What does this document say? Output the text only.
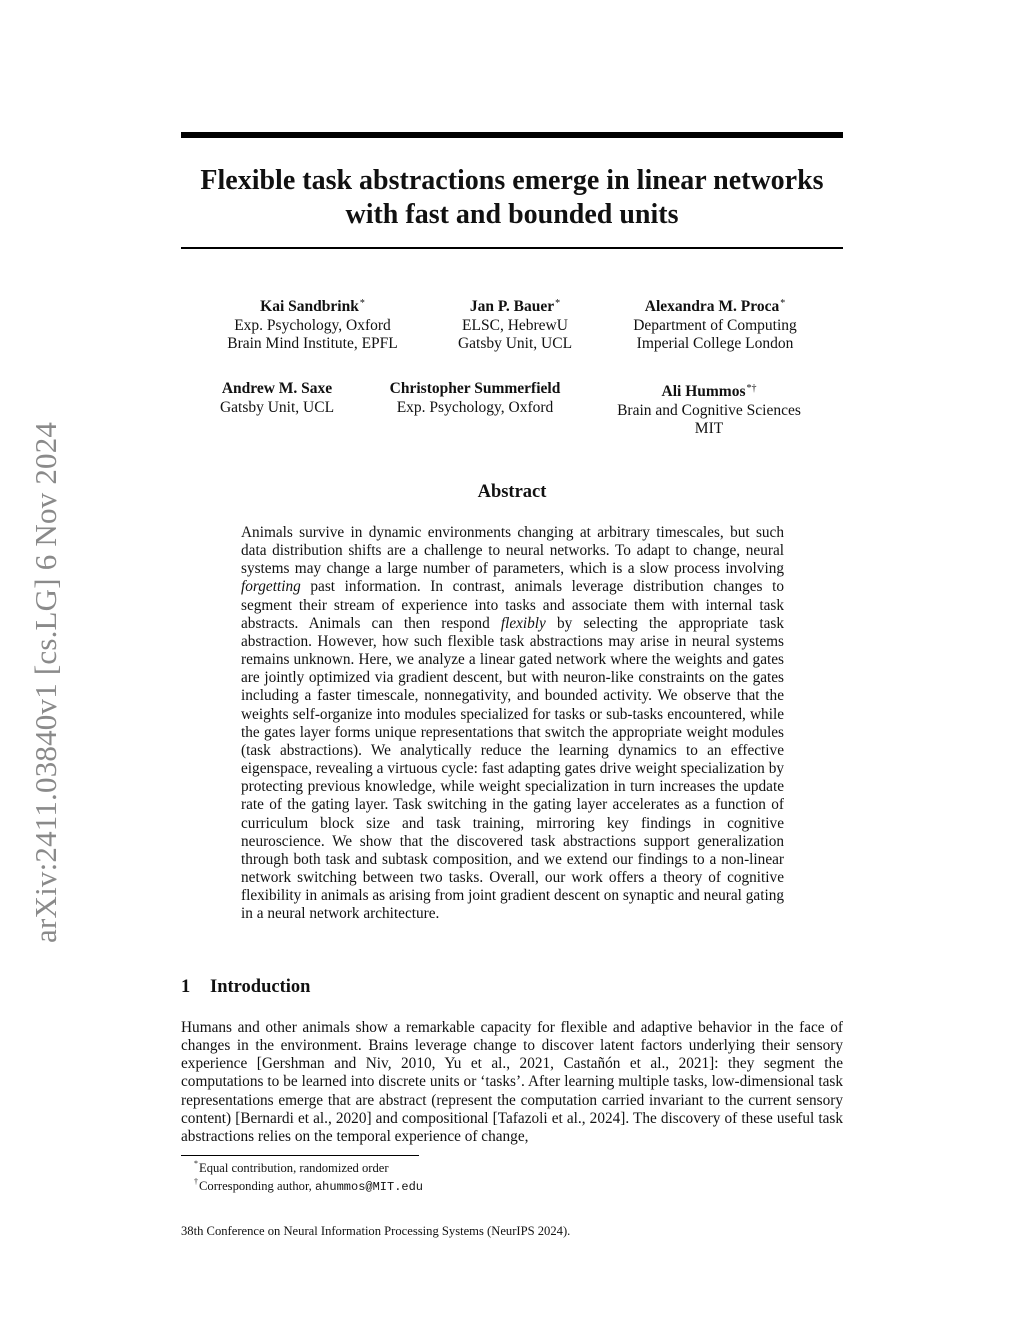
arXiv:2411.03840v1 [cs.LG] 6 Nov 2024
Flexible task abstractions emerge in linear networks
with fast and bounded units
Kai Sandbrink*
Exp. Psychology, Oxford
Brain Mind Institute, EPFL
Jan P. Bauer*
ELSC, HebrewU
Gatsby Unit, UCL
Alexandra M. Proca*
Department of Computing
Imperial College London
Andrew M. Saxe
Gatsby Unit, UCL
Christopher Summerfield
Exp. Psychology, Oxford
Ali Hummos*†
Brain and Cognitive Sciences
MIT
Abstract

Animals survive in dynamic environments changing at arbitrary timescales, but such data distribution shifts are a challenge to neural networks. To adapt to change, neural systems may change a large number of parameters, which is a slow process involving forgetting past information. In contrast, animals leverage distribution changes to segment their stream of experience into tasks and associate them with internal task abstracts. Animals can then respond flexibly by selecting the appropriate task abstraction. However, how such flexible task abstractions may arise in neural systems remains unknown. Here, we analyze a linear gated network where the weights and gates are jointly optimized via gradient descent, but with neuron-like constraints on the gates including a faster timescale, nonnegativity, and bounded activity. We observe that the weights self-organize into modules specialized for tasks or sub-tasks encountered, while the gates layer forms unique representations that switch the appropriate weight modules (task abstractions). We analytically reduce the learning dynamics to an effective eigenspace, revealing a virtuous cycle: fast adapting gates drive weight specialization by protecting previous knowledge, while weight specialization in turn increases the update rate of the gating layer. Task switching in the gating layer accelerates as a function of curriculum block size and task training, mirroring key findings in cognitive neuroscience. We show that the discovered task abstractions support generalization through both task and subtask composition, and we extend our findings to a non-linear network switching between two tasks. Overall, our work offers a theory of cognitive flexibility in animals as arising from joint gradient descent on synaptic and neural gating in a neural network architecture.

1 Introduction

Humans and other animals show a remarkable capacity for flexible and adaptive behavior in the face of changes in the environment. Brains leverage change to discover latent factors underlying their sensory experience [Gershman and Niv, 2010, Yu et al., 2021, Castañón et al., 2021]: they segment the computations to be learned into discrete units or ‘tasks’. After learning multiple tasks, low-dimensional task representations emerge that are abstract (represent the computation carried invariant to the current sensory content) [Bernardi et al., 2020] and compositional [Tafazoli et al., 2024]. The discovery of these useful task abstractions relies on the temporal experience of change,

* Equal contribution, randomized order
† Corresponding author, ahummos@MIT.edu
38th Conference on Neural Information Processing Systems (NeurIPS 2024).
